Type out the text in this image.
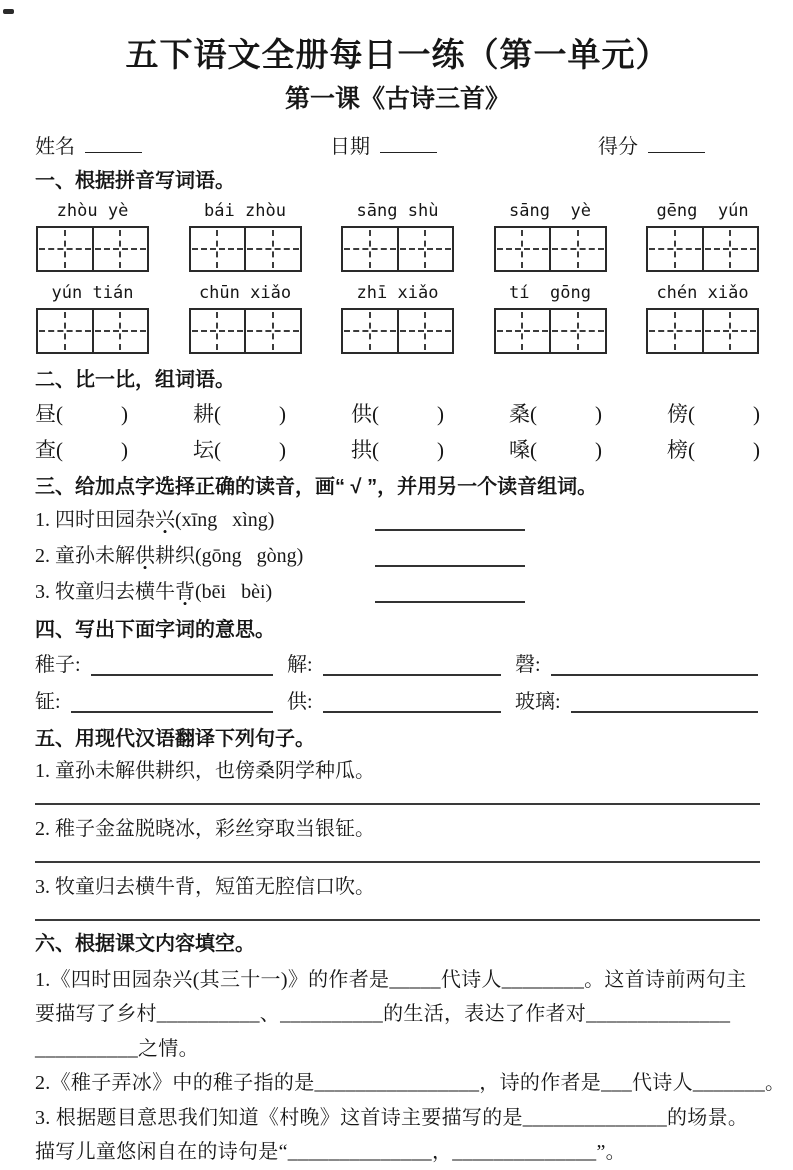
五下语文全册每日一练（第一单元）
第一课《古诗三首》
姓名	日期	得分
一、根据拼音写词语。
zhòu yè	bái zhòu	sāng shù	sāng  yè	gēng  yún
yún tián	chūn xiǎo	zhī xiǎo	tí  gōng	chén xiǎo
二、比一比，组词语。
昼 (	)	耕 (	)	供 (	)	桑 (	)	傍 (	)
查 (	)	坛 (	)	拱 (	)	嗓 (	)	榜 (	)
三、给加点字选择正确的读音，画“ √ ”，并用另一个读音组词。
1. 四时田园杂兴(xīng   xìng)
2. 童孙未解供耕织(gōng   gòng)
3. 牧童归去横牛背(bēi   bèi)
四、写出下面字词的意思。
稚子:	解:	磬:
钲:	供:	玻璃:
五、用现代汉语翻译下列句子。
1. 童孙未解供耕织，也傍桑阴学种瓜。
2. 稚子金盆脱晓冰，彩丝穿取当银钲。
3. 牧童归去横牛背，短笛无腔信口吹。
六、根据课文内容填空。
1.《四时田园杂兴(其三十一)》的作者是_____代诗人________。这首诗前两句主
要描写了乡村__________、__________的生活，表达了作者对______________
__________之情。
2.《稚子弄冰》中的稚子指的是________________，诗的作者是___代诗人_______。
3. 根据题目意思我们知道《村晚》这首诗主要描写的是______________的场景。
描写儿童悠闲自在的诗句是“______________，______________”。
